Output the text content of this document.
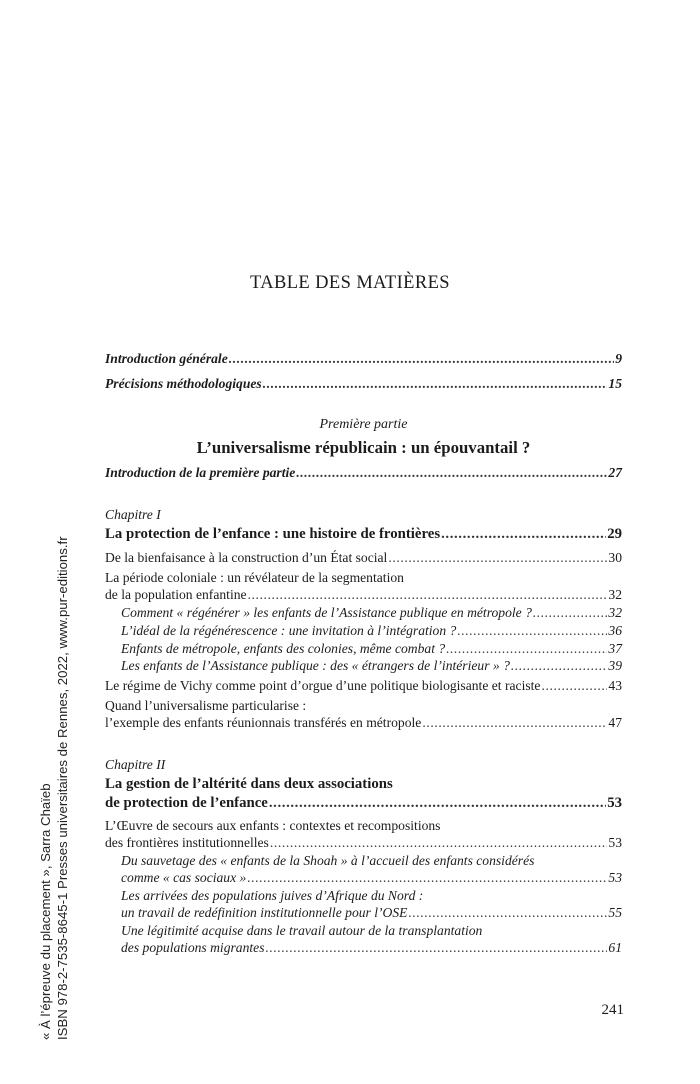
TABLE DES MATIÈRES
Introduction générale .....	9
Précisions méthodologiques .....	15
Première partie
L’universalisme républicain : un épouvantail ?
Introduction de la première partie .....	27
Chapitre I
La protection de l’enfance : une histoire de frontières .....	29
De la bienfaisance à la construction d’un État social .....	30
La période coloniale : un révélateur de la segmentation
de la population enfantine .....	32
Comment « régénérer » les enfants de l’Assistance publique en métropole ? .....	32
L’idéal de la régénérescence : une invitation à l’intégration ? .....	36
Enfants de métropole, enfants des colonies, même combat ? .....	37
Les enfants de l’Assistance publique : des « étrangers de l’intérieur » ? .....	39
Le régime de Vichy comme point d’orgue d’une politique biologisante et raciste .....	43
Quand l’universalisme particularise :
l’exemple des enfants réunionnais transférés en métropole .....	47
Chapitre II
La gestion de l’altérité dans deux associations
de protection de l’enfance .....	53
L’Œuvre de secours aux enfants : contextes et recompositions
des frontières institutionnelles .....	53
Du sauvetage des « enfants de la Shoah » à l’accueil des enfants considérés
comme « cas sociaux » .....	53
Les arrivées des populations juives d’Afrique du Nord :
un travail de redéfinition institutionnelle pour l’OSE .....	55
Une légitimité acquise dans le travail autour de la transplantation
des populations migrantes .....	61
241
« À l’épreuve du placement », Sarra Chaïeb ISBN 978-2-7535-8645-1 Presses universitaires de Rennes, 2022, www.pur-editions.fr
